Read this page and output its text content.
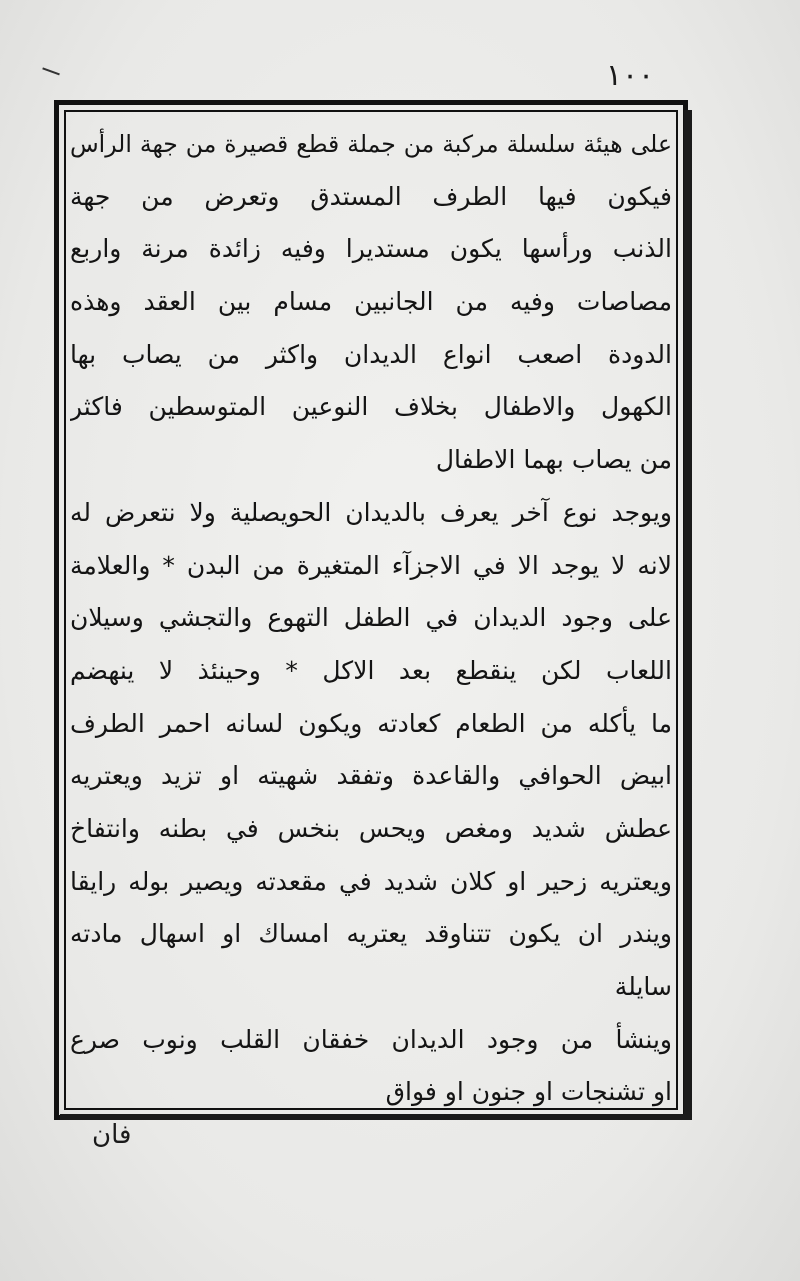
١٠٠
على هيئة سلسلة مركبة من جملة قطع قصيرة من جهة الرأس
فيكون فيها الطرف المستدق وتعرض من جهة
الذنب ورأسها يكون مستديرا وفيه زائدة مرنة واربع
مصاصات وفيه من الجانبين مسام بين العقد وهذه
الدودة اصعب انواع الديدان واكثر من يصاب بها
الكهول والاطفال بخلاف النوعين المتوسطين فاكثر
من يصاب بهما الاطفال
ويوجد نوع آخر يعرف بالديدان الحويصلية ولا نتعرض له
لانه لا يوجد الا في الاجزآء المتغيرة من البدن * والعلامة
على وجود الديدان في الطفل التهوع والتجشي وسيلان
اللعاب لكن ينقطع بعد الاكل * وحينئذ لا ينهضم
ما يأكله من الطعام كعادته ويكون لسانه احمر الطرف
ابيض الحوافي والقاعدة وتفقد شهيته او تزيد ويعتريه
عطش شديد ومغص ويحس بنخس في بطنه وانتفاخ
ويعتريه زحير او كلان شديد في مقعدته ويصير بوله رايقا
ويندر ان يكون تتناوقد يعتريه امساك او اسهال مادته
سايلة
وينشأ من وجود الديدان خفقان القلب ونوب صرع
او تشنجات او جنون او فواق
فان
